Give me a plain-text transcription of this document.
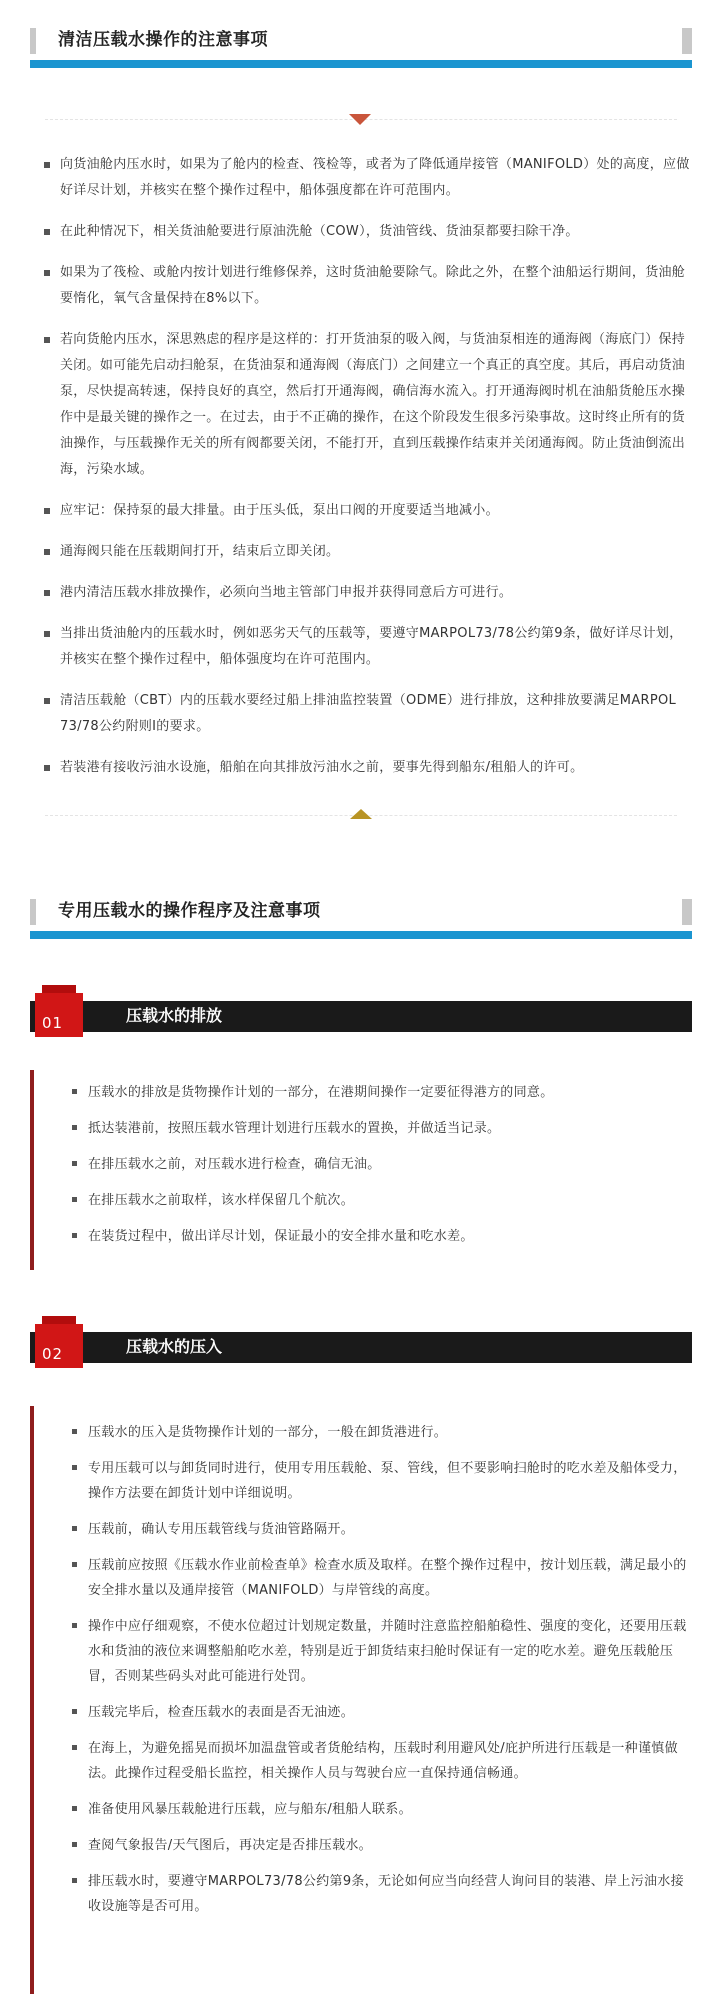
清洁压载水操作的注意事项
向货油舱内压水时，如果为了舱内的检查、筏检等，或者为了降低通岸接管（MANIFOLD）处的高度，应做好详尽计划，并核实在整个操作过程中，船体强度都在许可范围内。
在此种情况下，相关货油舱要进行原油洗舱（COW），货油管线、货油泵都要扫除干净。
如果为了筏检、或舱内按计划进行维修保养，这时货油舱要除气。除此之外，在整个油船运行期间，货油舱要惰化，氧气含量保持在8%以下。
若向货舱内压水，深思熟虑的程序是这样的：打开货油泵的吸入阀，与货油泵相连的通海阀（海底门）保持关闭。如可能先启动扫舱泵，在货油泵和通海阀（海底门）之间建立一个真正的真空度。其后，再启动货油泵，尽快提高转速，保持良好的真空，然后打开通海阀，确信海水流入。打开通海阀时机在油船货舱压水操作中是最关键的操作之一。在过去，由于不正确的操作，在这个阶段发生很多污染事故。这时终止所有的货油操作，与压载操作无关的所有阀都要关闭，不能打开，直到压载操作结束并关闭通海阀。防止货油倒流出海，污染水域。
应牢记：保持泵的最大排量。由于压头低，泵出口阀的开度要适当地减小。
通海阀只能在压载期间打开，结束后立即关闭。
港内清洁压载水排放操作，必须向当地主管部门申报并获得同意后方可进行。
当排出货油舱内的压载水时，例如恶劣天气的压载等，要遵守MARPOL73/78公约第9条，做好详尽计划，并核实在整个操作过程中，船体强度均在许可范围内。
清洁压载舱（CBT）内的压载水要经过船上排油监控装置（ODME）进行排放，这种排放要满足MARPOL 73/78公约附则I的要求。
若装港有接收污油水设施，船舶在向其排放污油水之前，要事先得到船东/租船人的许可。
专用压载水的操作程序及注意事项
01	压载水的排放
压载水的排放是货物操作计划的一部分，在港期间操作一定要征得港方的同意。
抵达装港前，按照压载水管理计划进行压载水的置换，并做适当记录。
在排压载水之前，对压载水进行检查，确信无油。
在排压载水之前取样，该水样保留几个航次。
在装货过程中，做出详尽计划，保证最小的安全排水量和吃水差。
02	压载水的压入
压载水的压入是货物操作计划的一部分，一般在卸货港进行。
专用压载可以与卸货同时进行，使用专用压载舱、泵、管线，但不要影响扫舱时的吃水差及船体受力，操作方法要在卸货计划中详细说明。
压载前，确认专用压载管线与货油管路隔开。
压载前应按照《压载水作业前检查单》检查水质及取样。在整个操作过程中，按计划压载，满足最小的安全排水量以及通岸接管（MANIFOLD）与岸管线的高度。
操作中应仔细观察，不使水位超过计划规定数量，并随时注意监控船舶稳性、强度的变化，还要用压载水和货油的液位来调整船舶吃水差，特别是近于卸货结束扫舱时保证有一定的吃水差。避免压载舱压冒，否则某些码头对此可能进行处罚。
压载完毕后，检查压载水的表面是否无油迹。
在海上，为避免摇晃而损坏加温盘管或者货舱结构，压载时利用避风处/庇护所进行压载是一种谨慎做法。此操作过程受船长监控，相关操作人员与驾驶台应一直保持通信畅通。
准备使用风暴压载舱进行压载，应与船东/租船人联系。
查阅气象报告/天气图后，再决定是否排压载水。
排压载水时，要遵守MARPOL73/78公约第9条，无论如何应当向经营人询问目的装港、岸上污油水接收设施等是否可用。
